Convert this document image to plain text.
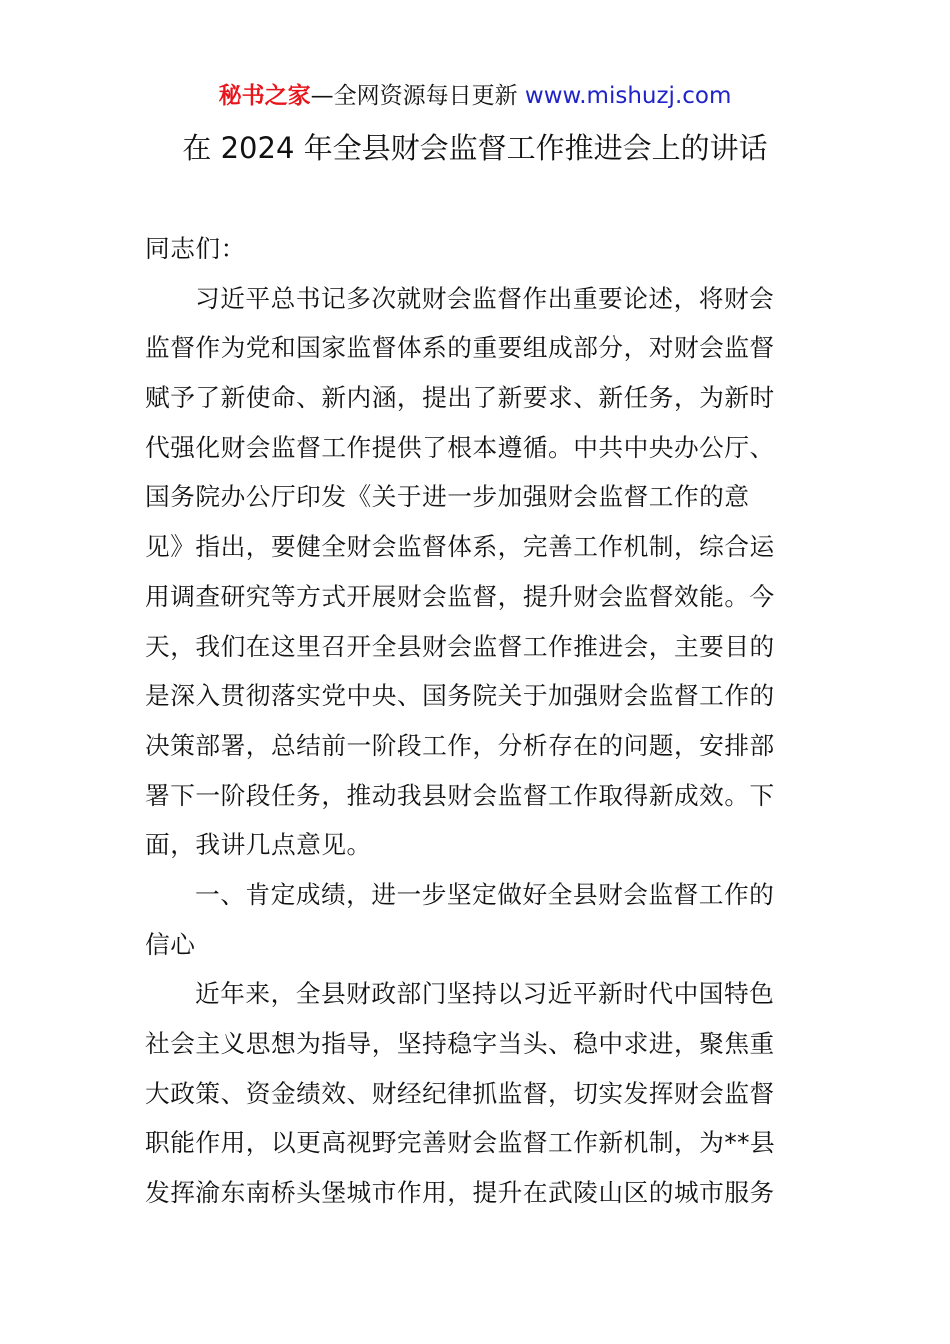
秘书之家—全网资源每日更新 www.mishuzj.com
在 2024 年全县财会监督工作推进会上的讲话
同志们：
习近平总书记多次就财会监督作出重要论述，将财会
监督作为党和国家监督体系的重要组成部分，对财会监督
赋予了新使命、新内涵，提出了新要求、新任务，为新时
代强化财会监督工作提供了根本遵循。中共中央办公厅、
国务院办公厅印发《关于进一步加强财会监督工作的意
见》指出，要健全财会监督体系，完善工作机制，综合运
用调查研究等方式开展财会监督，提升财会监督效能。今
天，我们在这里召开全县财会监督工作推进会，主要目的
是深入贯彻落实党中央、国务院关于加强财会监督工作的
决策部署，总结前一阶段工作，分析存在的问题，安排部
署下一阶段任务，推动我县财会监督工作取得新成效。下
面，我讲几点意见。
一、肯定成绩，进一步坚定做好全县财会监督工作的
信心
近年来，全县财政部门坚持以习近平新时代中国特色
社会主义思想为指导，坚持稳字当头、稳中求进，聚焦重
大政策、资金绩效、财经纪律抓监督，切实发挥财会监督
职能作用，以更高视野完善财会监督工作新机制，为**县
发挥渝东南桥头堡城市作用，提升在武陵山区的城市服务
